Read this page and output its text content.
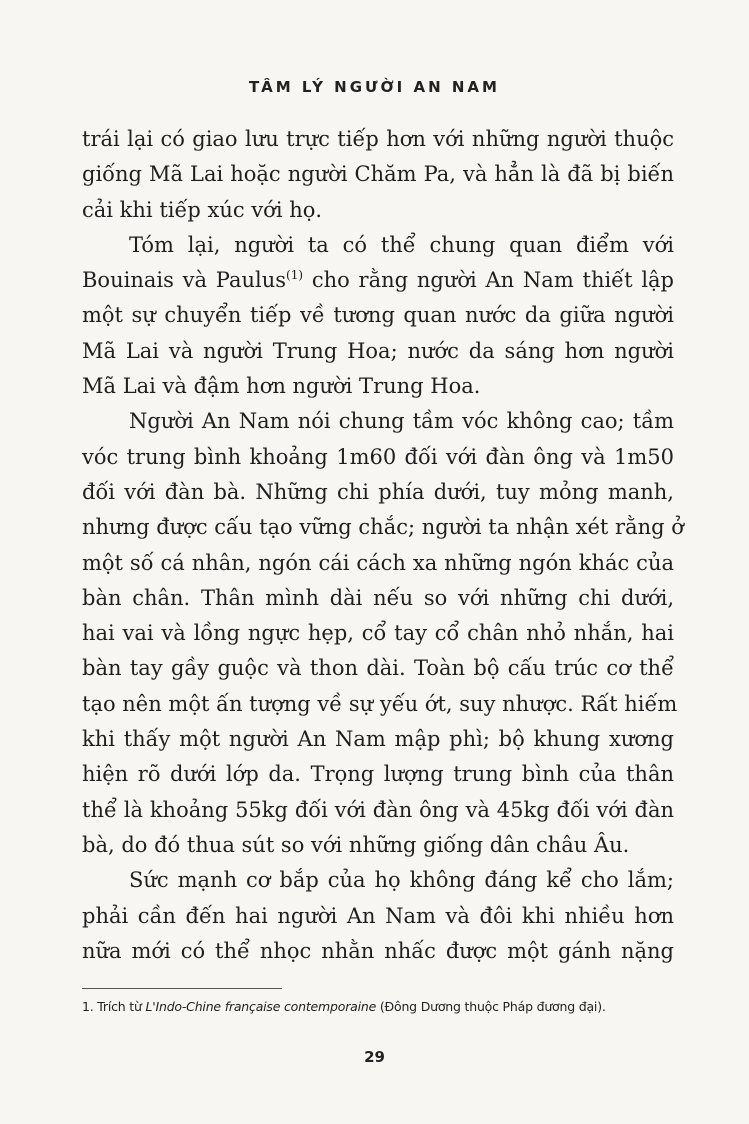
TÂM LÝ NGƯỜI AN NAM
trái lại có giao lưu trực tiếp hơn với những người thuộc
giống Mã Lai hoặc người Chăm Pa, và hẳn là đã bị biến
cải khi tiếp xúc với họ.
Tóm lại, người ta có thể chung quan điểm với
Bouinais và Paulus$^{(1)}$ cho rằng người An Nam thiết lập
một sự chuyển tiếp về tương quan nước da giữa người
Mã Lai và người Trung Hoa; nước da sáng hơn người
Mã Lai và đậm hơn người Trung Hoa.
Người An Nam nói chung tầm vóc không cao; tầm
vóc trung bình khoảng 1m60 đối với đàn ông và 1m50
đối với đàn bà. Những chi phía dưới, tuy mỏng manh,
nhưng được cấu tạo vững chắc; người ta nhận xét rằng ở
một số cá nhân, ngón cái cách xa những ngón khác của
bàn chân. Thân mình dài nếu so với những chi dưới,
hai vai và lồng ngực hẹp, cổ tay cổ chân nhỏ nhắn, hai
bàn tay gầy guộc và thon dài. Toàn bộ cấu trúc cơ thể
tạo nên một ấn tượng về sự yếu ớt, suy nhược. Rất hiếm
khi thấy một người An Nam mập phì; bộ khung xương
hiện rõ dưới lớp da. Trọng lượng trung bình của thân
thể là khoảng 55kg đối với đàn ông và 45kg đối với đàn
bà, do đó thua sút so với những giống dân châu Âu.
Sức mạnh cơ bắp của họ không đáng kể cho lắm;
phải cần đến hai người An Nam và đôi khi nhiều hơn
nữa mới có thể nhọc nhằn nhấc được một gánh nặng
1. Trích từ L'Indo-Chine française contemporaine (Đông Dương thuộc Pháp đương đại).
29
